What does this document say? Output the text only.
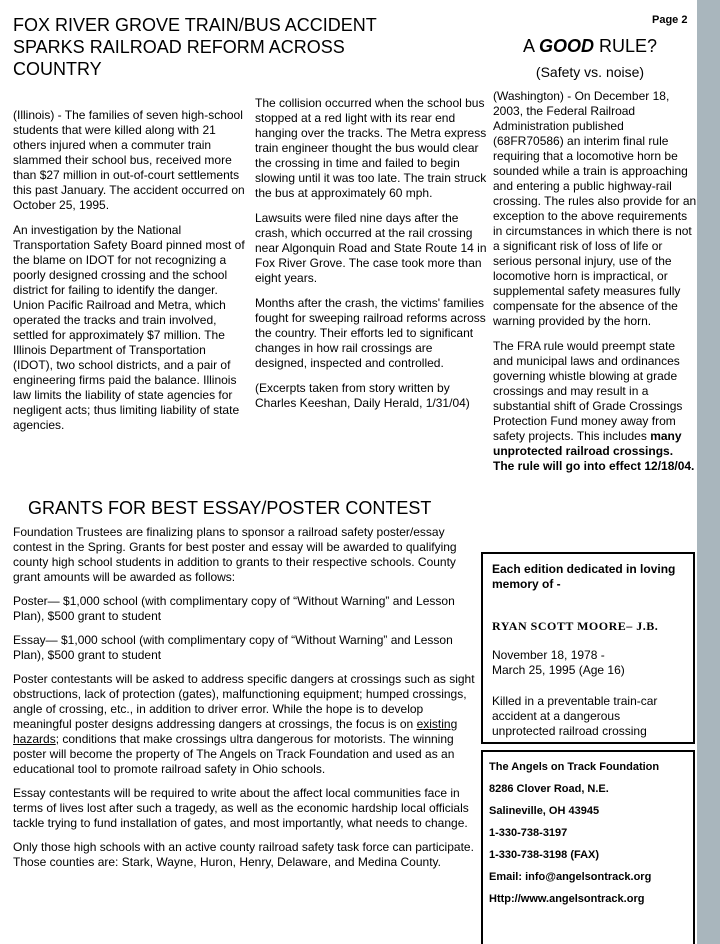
FOX RIVER GROVE TRAIN/BUS ACCIDENT
SPARKS RAILROAD REFORM ACROSS
COUNTRY
Page 2
A GOOD RULE?
(Safety vs. noise)

(Illinois) - The families of seven high-school students that were killed along with 21 others injured when a commuter train slammed their school bus, received more than $27 million in out-of-court settlements this past January. The accident occurred on October 25, 1995.

An investigation by the National Transportation Safety Board pinned most of the blame on IDOT for not recognizing a poorly designed crossing and the school district for failing to identify the danger. Union Pacific Railroad and Metra, which operated the tracks and train involved, settled for approximately $7 million. The Illinois Department of Transportation (IDOT), two school districts, and a pair of engineering firms paid the balance. Illinois law limits the liability of state agencies for negligent acts; thus limiting liability of state agencies.

The collision occurred when the school bus stopped at a red light with its rear end hanging over the tracks. The Metra express train engineer thought the bus would clear the crossing in time and failed to begin slowing until it was too late. The train struck the bus at approximately 60 mph.

Lawsuits were filed nine days after the crash, which occurred at the rail crossing near Algonquin Road and State Route 14 in Fox River Grove. The case took more than eight years.

Months after the crash, the victims' families fought for sweeping railroad reforms across the country. Their efforts led to significant changes in how rail crossings are designed, inspected and controlled.

(Excerpts taken from story written by Charles Keeshan, Daily Herald, 1/31/04)

(Washington) - On December 18, 2003, the Federal Railroad Administration published (68FR70586) an interim final rule requiring that a locomotive horn be sounded while a train is approaching and entering a public highway-rail crossing. The rules also provide for an exception to the above requirements in circumstances in which there is not a significant risk of loss of life or serious personal injury, use of the locomotive horn is impractical, or supplemental safety measures fully compensate for the absence of the warning provided by the horn.

The FRA rule would preempt state and municipal laws and ordinances governing whistle blowing at grade crossings and may result in a substantial shift of Grade Crossings Protection Fund money away from safety projects. This includes many unprotected railroad crossings. The rule will go into effect 12/18/04.

GRANTS FOR BEST ESSAY/POSTER CONTEST

Foundation Trustees are finalizing plans to sponsor a railroad safety poster/essay contest in the Spring. Grants for best poster and essay will be awarded to qualifying county high school students in addition to grants to their respective schools. County grant amounts will be awarded as follows:

Poster— $1,000 school (with complimentary copy of “Without Warning” and Lesson Plan), $500 grant to student

Essay— $1,000 school (with complimentary copy of “Without Warning” and Lesson Plan), $500 grant to student

Poster contestants will be asked to address specific dangers at crossings such as sight obstructions, lack of protection (gates), malfunctioning equipment; humped crossings, angle of crossing, etc., in addition to driver error. While the hope is to develop meaningful poster designs addressing dangers at crossings, the focus is on existing hazards; conditions that make crossings ultra dangerous for motorists. The winning poster will become the property of The Angels on Track Foundation and used as an educational tool to promote railroad safety in Ohio schools.

Essay contestants will be required to write about the affect local communities face in terms of lives lost after such a tragedy, as well as the economic hardship local officials tackle trying to fund installation of gates, and most importantly, what needs to change.

Only those high schools with an active county railroad safety task force can participate. Those counties are: Stark, Wayne, Huron, Henry, Delaware, and Medina County.

Each edition dedicated in loving memory of -
RYAN SCOTT MOORE– J.B.
November 18, 1978 -
March 25, 1995 (Age 16)
Killed in a preventable train-car accident at a dangerous unprotected railroad crossing
The Angels on Track Foundation
8286 Clover Road, N.E.
Salineville, OH 43945
1-330-738-3197
1-330-738-3198 (FAX)
Email: info@angelsontrack.org
Http://www.angelsontrack.org
